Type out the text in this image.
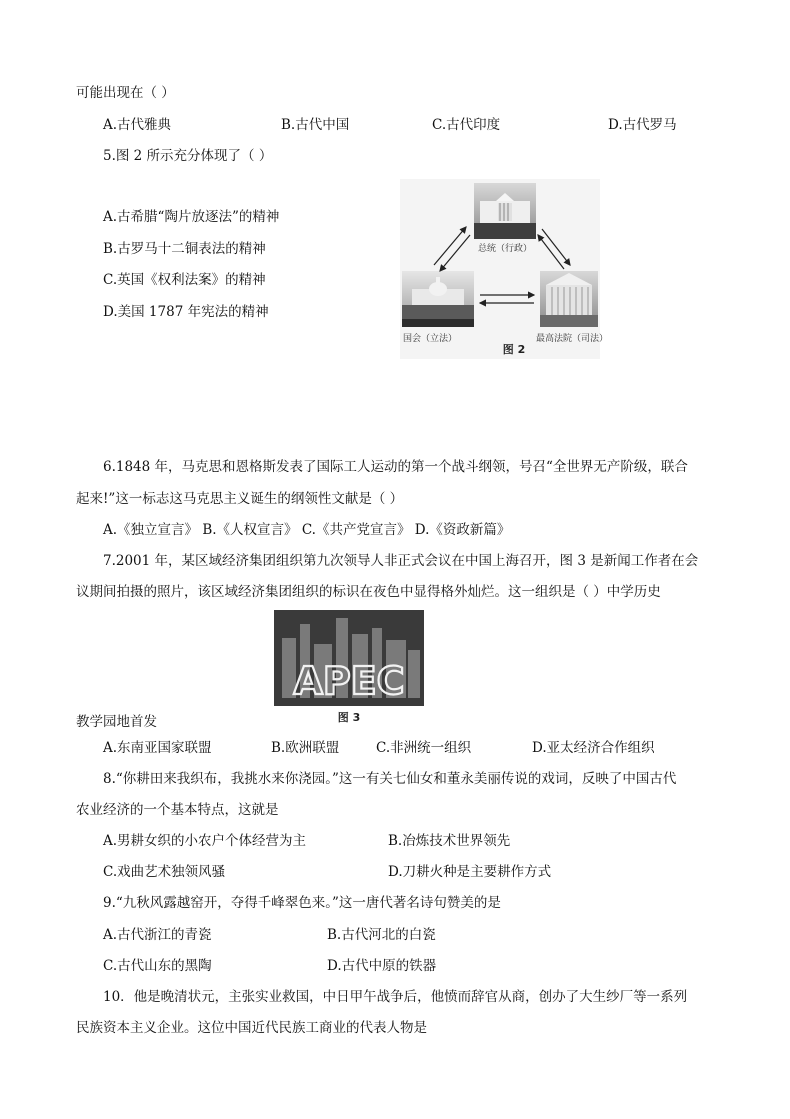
可能出现在（ ）
A.古代雅典	B.古代中国	C.古代印度	D.古代罗马
5.图 2 所示充分体现了（ ）
A.古希腊“陶片放逐法”的精神
B.古罗马十二铜表法的精神
C.英国《权利法案》的精神
D.美国 1787 年宪法的精神
总统（行政）
国会（立法）	最高法院（司法）
图 2
6.1848 年，马克思和恩格斯发表了国际工人运动的第一个战斗纲领，号召“全世界无产阶级，联合
起来!”这一标志这马克思主义诞生的纲领性文献是（ ）
A.《独立宣言》 B.《人权宣言》 C.《共产党宣言》 D.《资政新篇》
7.2001 年，某区域经济集团组织第九次领导人非正式会议在中国上海召开，图 3 是新闻工作者在会
议期间拍摄的照片，该区域经济集团组织的标识在夜色中显得格外灿烂。这一组织是（ ）中学历史
APEC
图 3
教学园地首发
A.东南亚国家联盟	B.欧洲联盟	C.非洲统一组织	D.亚太经济合作组织
8.“你耕田来我织布，我挑水来你浇园。”这一有关七仙女和董永美丽传说的戏词，反映了中国古代
农业经济的一个基本特点，这就是
A.男耕女织的小农户个体经营为主	B.冶炼技术世界领先
C.戏曲艺术独领风骚	D.刀耕火种是主要耕作方式
9.“九秋风露越窑开，夺得千峰翠色来。”这一唐代著名诗句赞美的是
A.古代浙江的青瓷	B.古代河北的白瓷
C.古代山东的黑陶	D.古代中原的铁器
10．他是晚清状元，主张实业救国，中日甲午战争后，他愤而辞官从商，创办了大生纱厂等一系列
民族资本主义企业。这位中国近代民族工商业的代表人物是
